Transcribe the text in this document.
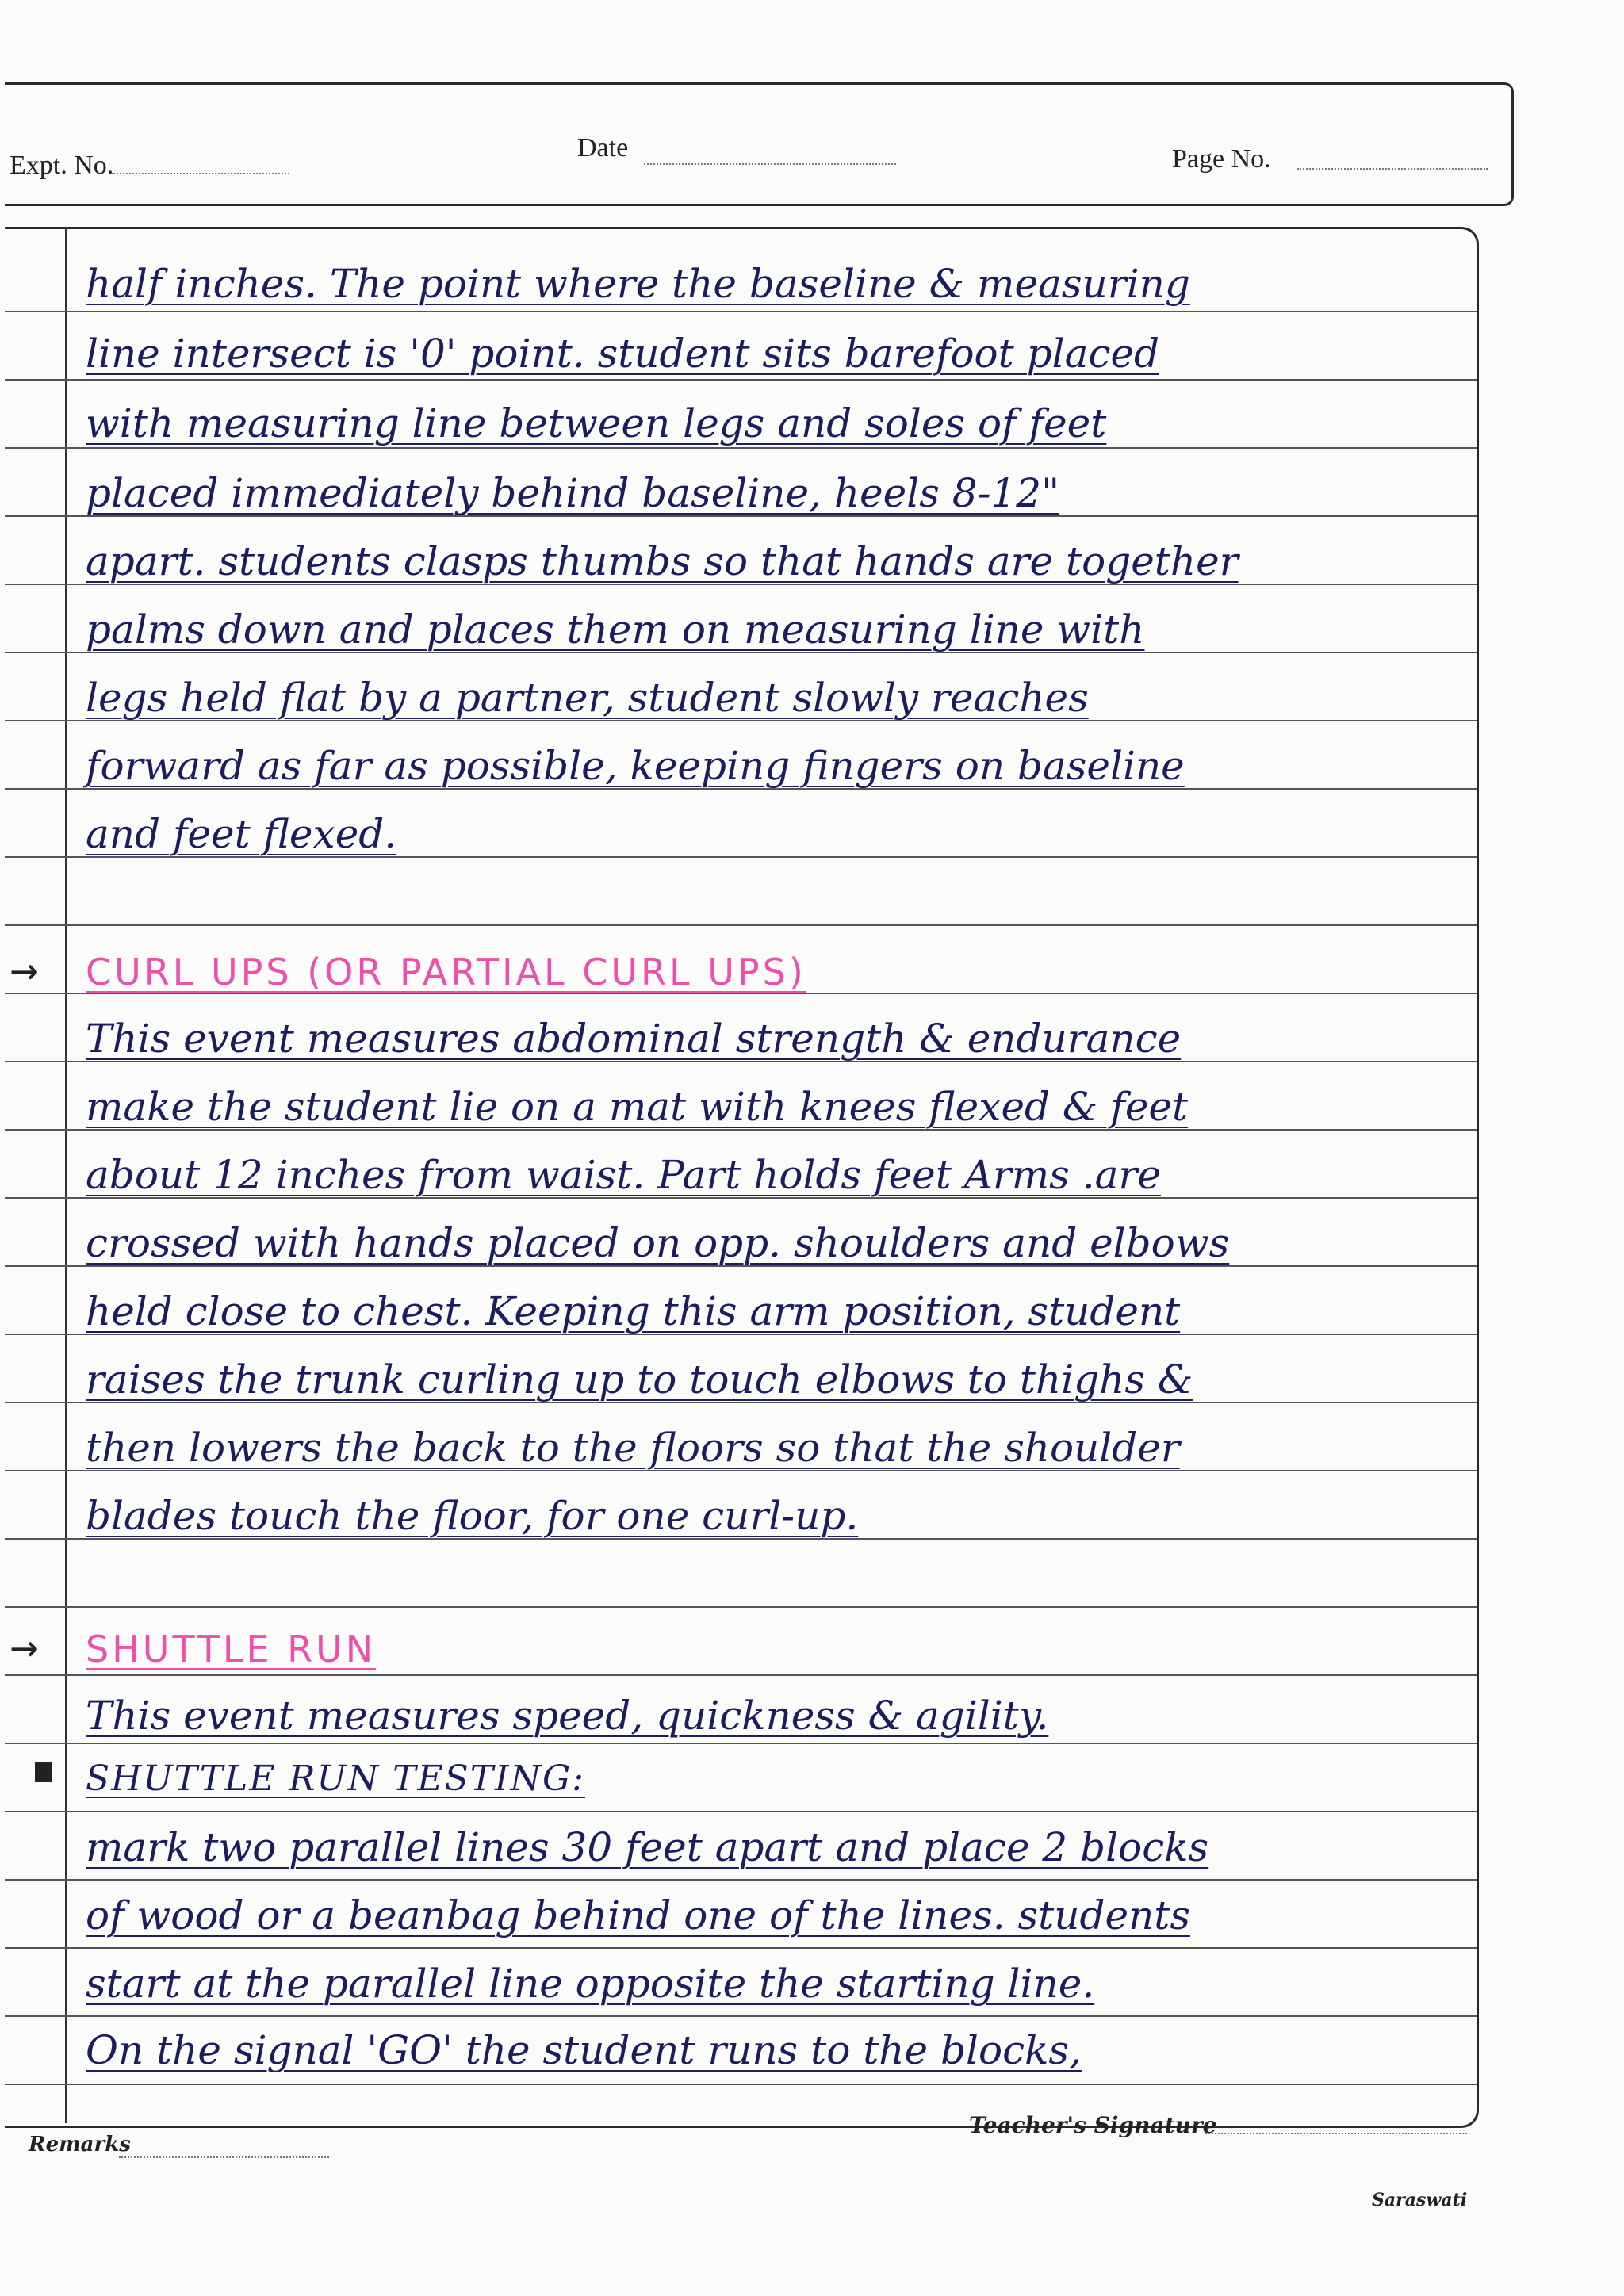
Expt. No.
Date	Page No.
half inches. The point where the baseline & measuring
line intersect is '0' point. student sits barefoot placed
with measuring line between legs and soles of feet
placed immediately behind baseline, heels 8-12"
apart. students clasps thumbs so that hands are together
palms down and places them on measuring line with
legs held flat by a partner, student slowly reaches
forward as far as possible, keeping fingers on baseline
and feet flexed.
→ CURL UPS (OR PARTIAL CURL UPS)
This event measures abdominal strength & endurance
make the student lie on a mat with knees flexed & feet
about 12 inches from waist. Part holds feet Arms .are
crossed with hands placed on opp. shoulders and elbows
held close to chest. Keeping this arm position, student
raises the trunk curling up to touch elbows to thighs &
then lowers the back to the floors so that the shoulder
blades touch the floor, for one curl-up.
→ SHUTTLE RUN
This event measures speed, quickness & agility.
SHUTTLE RUN TESTING:
mark two parallel lines 30 feet apart and place 2 blocks
of wood or a beanbag behind one of the lines. students
start at the parallel line opposite the starting line.
On the signal 'GO' the student runs to the blocks,
Remarks
Teacher's Signature
Saraswati
